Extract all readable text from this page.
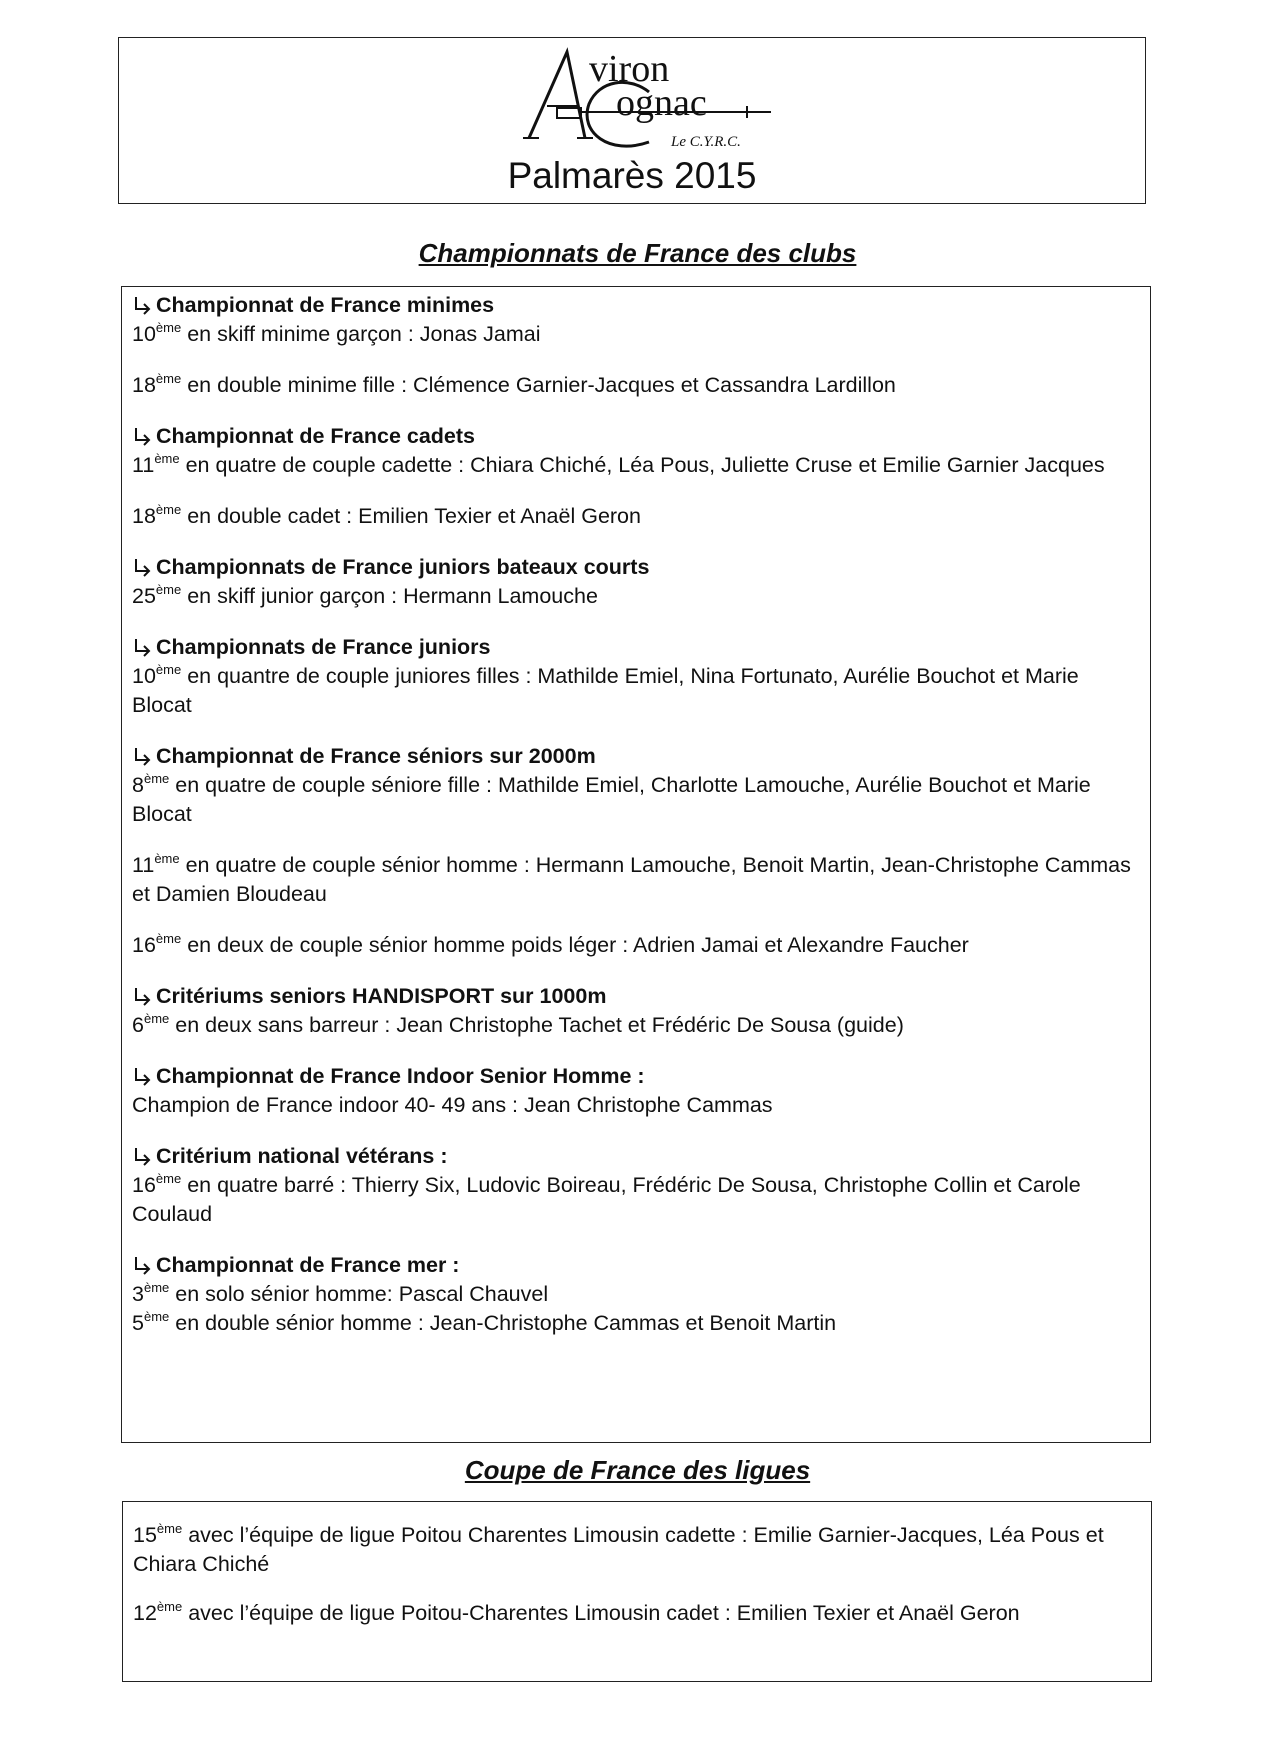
viron
ognac
Le C.Y.R.C.
Palmarès 2015
Championnats de France des clubs
Championnat de France minimes
10ème en skiff minime garçon : Jonas Jamai
18ème en double minime fille : Clémence Garnier-Jacques et Cassandra Lardillon
Championnat de France cadets
11ème en quatre de couple cadette : Chiara Chiché, Léa Pous, Juliette Cruse et Emilie Garnier Jacques
18ème en double cadet : Emilien Texier et Anaël Geron
Championnats de France juniors bateaux courts
25ème en skiff junior garçon : Hermann Lamouche
Championnats de France juniors
10ème en quantre de couple juniores filles : Mathilde Emiel, Nina Fortunato, Aurélie Bouchot et Marie Blocat
Championnat de France séniors sur 2000m
8ème en quatre de couple séniore fille : Mathilde Emiel, Charlotte Lamouche, Aurélie Bouchot et Marie Blocat
11ème en quatre de couple sénior homme : Hermann Lamouche, Benoit Martin, Jean-Christophe Cammas et Damien Bloudeau
16ème en deux de couple sénior homme poids léger : Adrien Jamai et Alexandre Faucher
Critériums seniors HANDISPORT sur 1000m
6ème en deux sans barreur : Jean Christophe Tachet et Frédéric De Sousa (guide)
Championnat de France Indoor Senior Homme :
Champion de France indoor 40- 49 ans : Jean Christophe Cammas
Critérium national vétérans :
16ème en quatre barré : Thierry Six, Ludovic Boireau, Frédéric De Sousa, Christophe Collin et Carole Coulaud
Championnat de France mer :
3ème en solo sénior homme: Pascal Chauvel
5ème en double sénior homme : Jean-Christophe Cammas et Benoit Martin
Coupe de France des ligues
15ème avec l’équipe de ligue Poitou Charentes Limousin cadette : Emilie Garnier-Jacques, Léa Pous et Chiara Chiché
12ème avec l’équipe de ligue Poitou-Charentes Limousin cadet : Emilien Texier et Anaël Geron
